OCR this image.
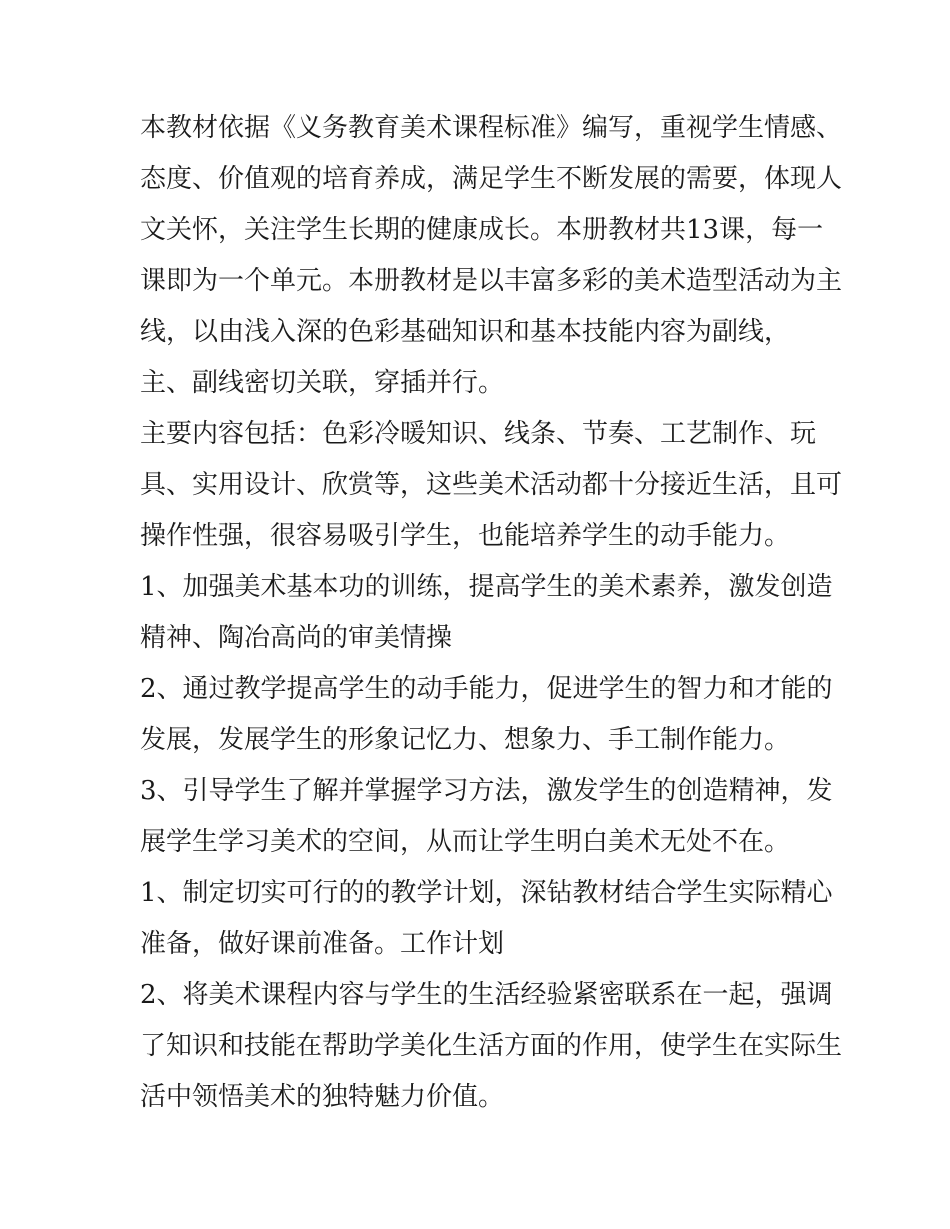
本教材依据《义务教育美术课程标准》编写，重视学生情感、
态度、价值观的培育养成，满足学生不断发展的需要，体现人
文关怀，关注学生长期的健康成长。本册教材共13课，每一
课即为一个单元。本册教材是以丰富多彩的美术造型活动为主
线，以由浅入深的色彩基础知识和基本技能内容为副线，
主、副线密切关联，穿插并行。
主要内容包括：色彩冷暖知识、线条、节奏、工艺制作、玩
具、实用设计、欣赏等，这些美术活动都十分接近生活，且可
操作性强，很容易吸引学生，也能培养学生的动手能力。
1、加强美术基本功的训练，提高学生的美术素养，激发创造
精神、陶冶高尚的审美情操
2、通过教学提高学生的动手能力，促进学生的智力和才能的
发展，发展学生的形象记忆力、想象力、手工制作能力。
3、引导学生了解并掌握学习方法，激发学生的创造精神，发
展学生学习美术的空间，从而让学生明白美术无处不在。
1、制定切实可行的的教学计划，深钻教材结合学生实际精心
准备，做好课前准备。工作计划
2、将美术课程内容与学生的生活经验紧密联系在一起，强调
了知识和技能在帮助学美化生活方面的作用，使学生在实际生
活中领悟美术的独特魅力价值。
